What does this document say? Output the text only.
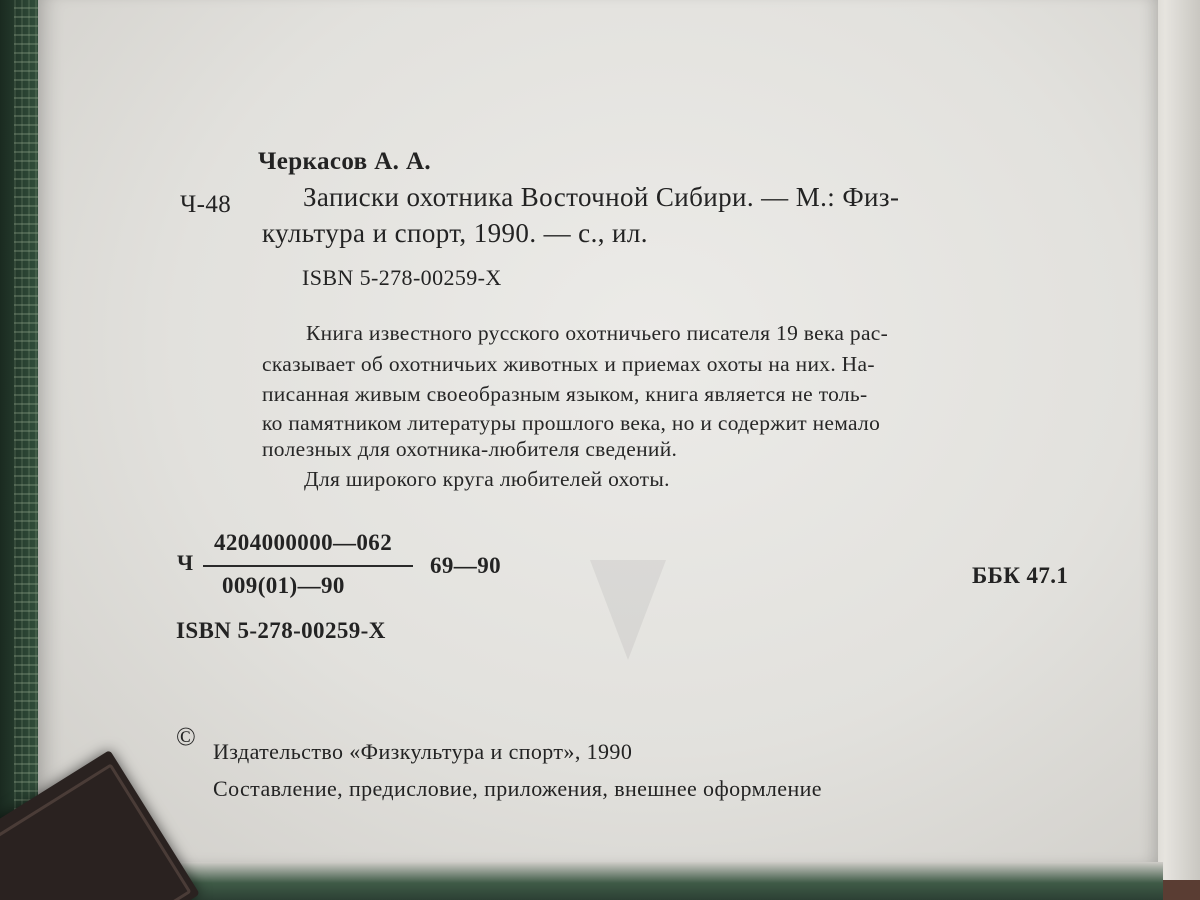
Черкасов А. А.
Ч-48	Записки охотника Восточной Сибири. — М.: Физ-
культура и спорт, 1990. — с., ил.
ISBN 5-278-00259-X
Книга известного русского охотничьего писателя 19 века рас-
сказывает об охотничьих животных и приемах охоты на них. На-
писанная живым своеобразным языком, книга является не толь-
ко памятником литературы прошлого века, но и содержит немало
полезных для охотника-любителя сведений.
Для широкого круга любителей охоты.
Ч
4204000000—062
009(01)—90
69—90	ББК 47.1
ISBN 5-278-00259-X
©
Издательство «Физкультура и спорт», 1990
Составление, предисловие, приложения, внешнее оформление
